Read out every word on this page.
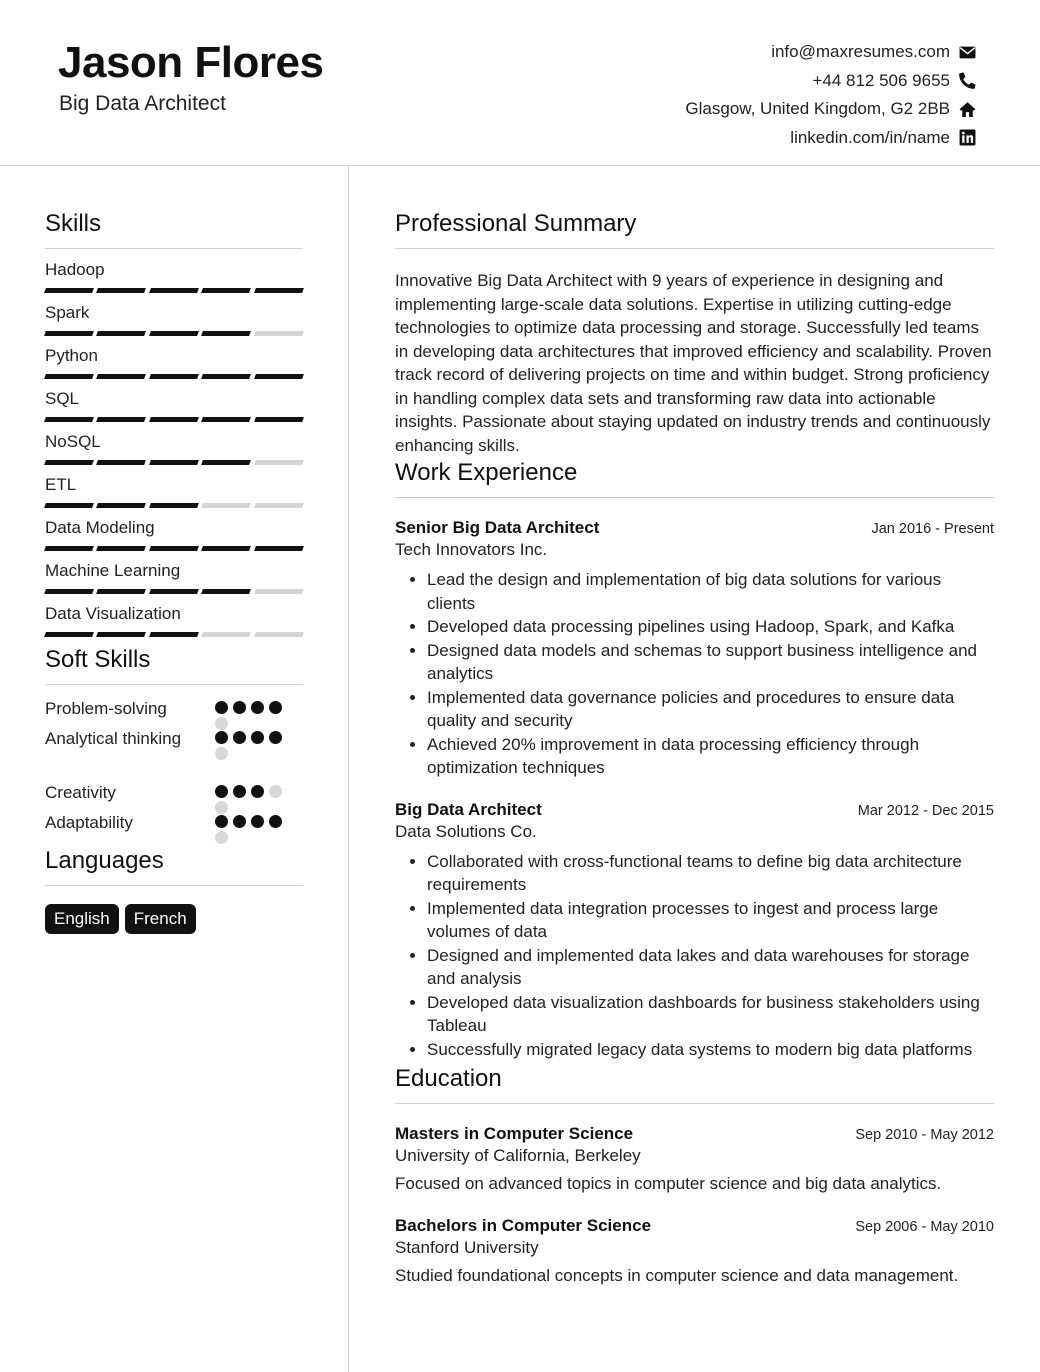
Jason Flores
Big Data Architect
info@maxresumes.com
+44 812 506 9655
Glasgow, United Kingdom, G2 2BB
linkedin.com/in/name
Skills
Hadoop
Spark
Python
SQL
NoSQL
ETL
Data Modeling
Machine Learning
Data Visualization
Soft Skills
Problem-solving
Analytical thinking
Creativity
Adaptability
Languages
English	French
Professional Summary
Innovative Big Data Architect with 9 years of experience in designing and implementing large-scale data solutions. Expertise in utilizing cutting-edge technologies to optimize data processing and storage. Successfully led teams in developing data architectures that improved efficiency and scalability. Proven track record of delivering projects on time and within budget. Strong proficiency in handling complex data sets and transforming raw data into actionable insights. Passionate about staying updated on industry trends and continuously enhancing skills.
Work Experience
Senior Big Data Architect	Jan 2016 - Present
Tech Innovators Inc.
• Lead the design and implementation of big data solutions for various clients
• Developed data processing pipelines using Hadoop, Spark, and Kafka
• Designed data models and schemas to support business intelligence and analytics
• Implemented data governance policies and procedures to ensure data quality and security
• Achieved 20% improvement in data processing efficiency through optimization techniques
Big Data Architect	Mar 2012 - Dec 2015
Data Solutions Co.
• Collaborated with cross-functional teams to define big data architecture requirements
• Implemented data integration processes to ingest and process large volumes of data
• Designed and implemented data lakes and data warehouses for storage and analysis
• Developed data visualization dashboards for business stakeholders using Tableau
• Successfully migrated legacy data systems to modern big data platforms
Education
Masters in Computer Science	Sep 2010 - May 2012
University of California, Berkeley
Focused on advanced topics in computer science and big data analytics.
Bachelors in Computer Science	Sep 2006 - May 2010
Stanford University
Studied foundational concepts in computer science and data management.
